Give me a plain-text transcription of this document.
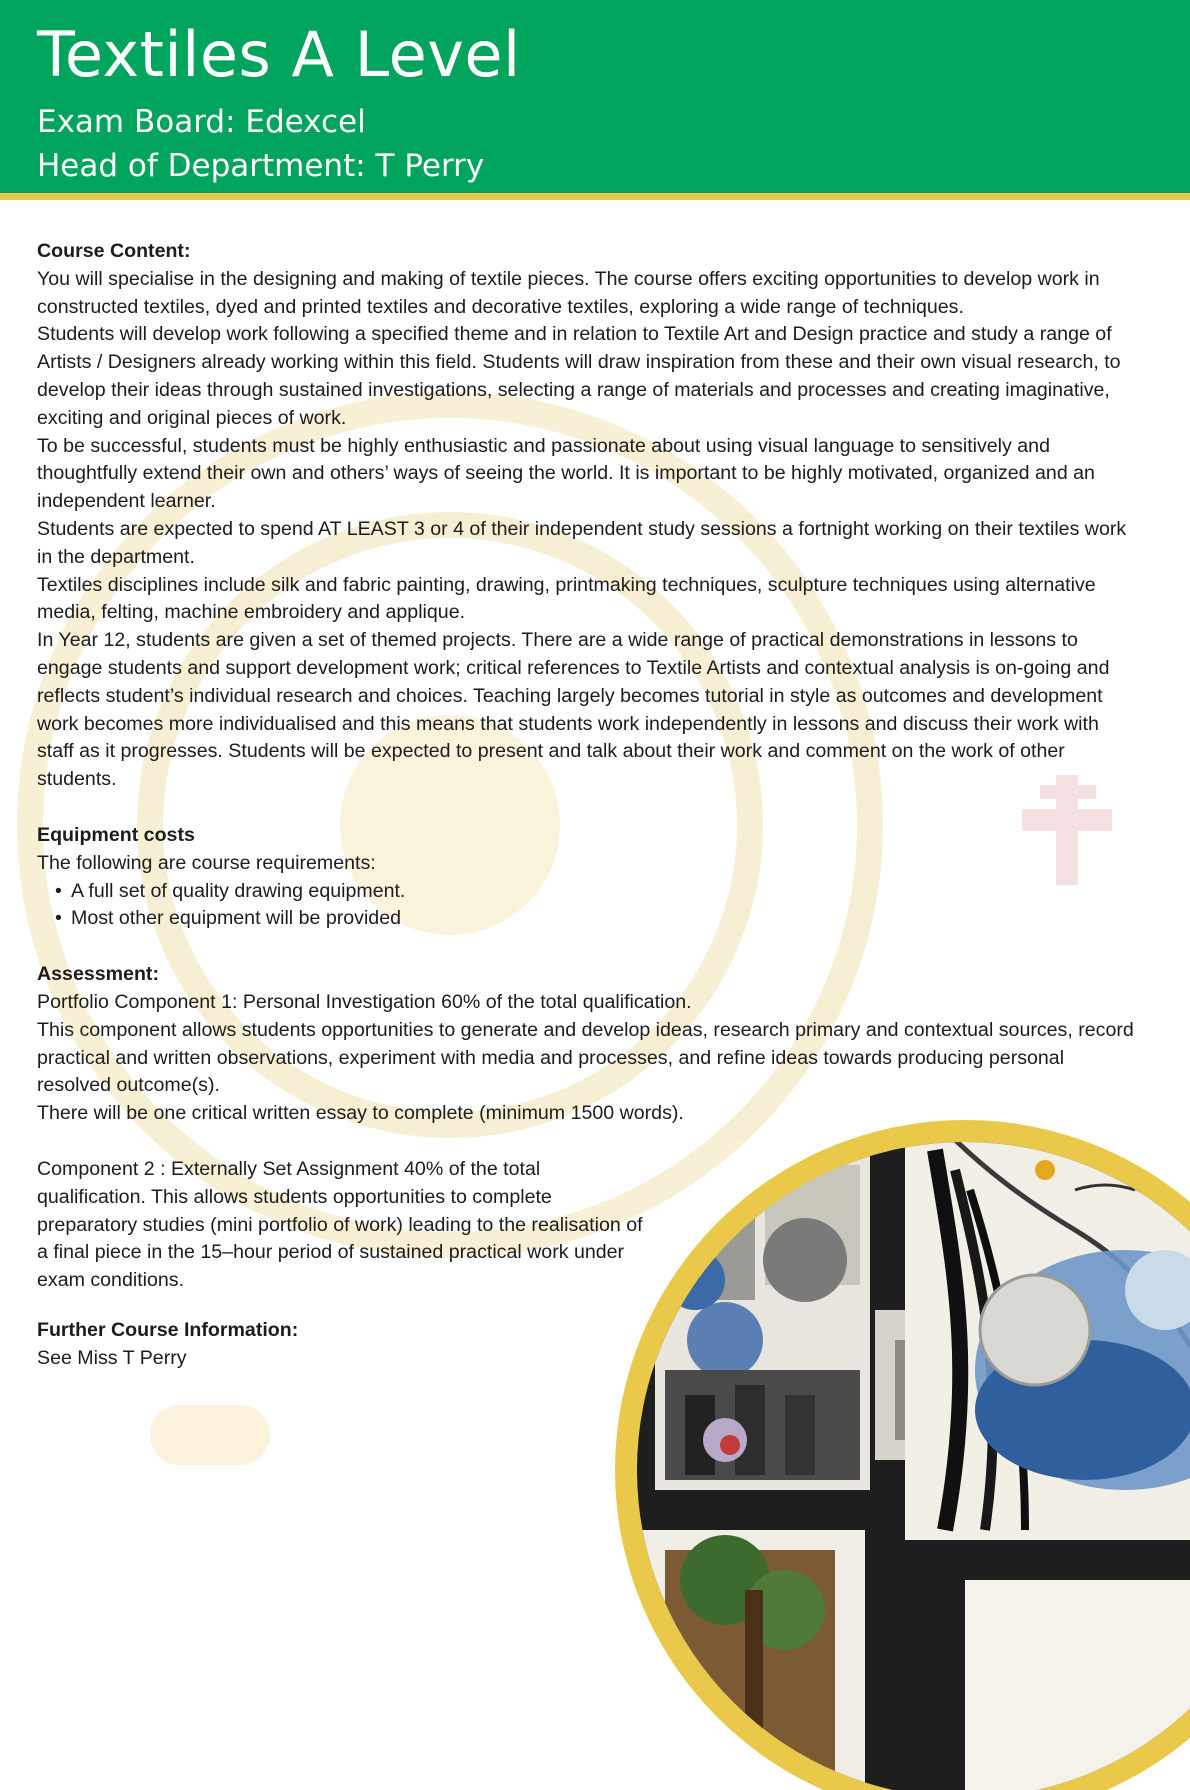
Textiles A Level

Exam Board: Edexcel

Head of Department: T Perry

Course Content:

You will specialise in the designing and making of textile pieces. The course offers exciting opportunities to develop work in constructed textiles, dyed and printed textiles and decorative textiles, exploring a wide range of techniques.

Students will develop work following a specified theme and in relation to Textile Art and Design practice and study a range of Artists / Designers already working within this field. Students will draw inspiration from these and their own visual research, to develop their ideas through sustained investigations, selecting a range of materials and processes and creating imaginative, exciting and original pieces of work.

To be successful, students must be highly enthusiastic and passionate about using visual language to sensitively and thoughtfully extend their own and others’ ways of seeing the world. It is important to be highly motivated, organized and an independent learner.

Students are expected to spend AT LEAST 3 or 4 of their independent study sessions a fortnight working on their textiles work in the department.

Textiles disciplines include silk and fabric painting, drawing, printmaking techniques, sculpture techniques using alternative media, felting, machine embroidery and applique.

In Year 12, students are given a set of themed projects. There are a wide range of practical demonstrations in lessons to engage students and support development work; critical references to Textile Artists and contextual analysis is on-going and reflects student’s individual research and choices. Teaching largely becomes tutorial in style as outcomes and development work becomes more individualised and this means that students work independently in lessons and discuss their work with staff as it progresses. Students will be expected to present and talk about their work and comment on the work of other students.

Equipment costs

The following are course requirements:

• A full set of quality drawing equipment.
• Most other equipment will be provided

Assessment:

Portfolio Component 1: Personal Investigation 60% of the total qualification.

This component allows students opportunities to generate and develop ideas, research primary and contextual sources, record practical and written observations, experiment with media and processes, and refine ideas towards producing personal resolved outcome(s).

There will be one critical written essay to complete (minimum 1500 words).

Component 2 : Externally Set Assignment 40% of the total qualification. This allows students opportunities to complete preparatory studies (mini portfolio of work) leading to the realisation of a final piece in the 15–hour period of sustained practical work under exam conditions.

Further Course Information:

See Miss T Perry
